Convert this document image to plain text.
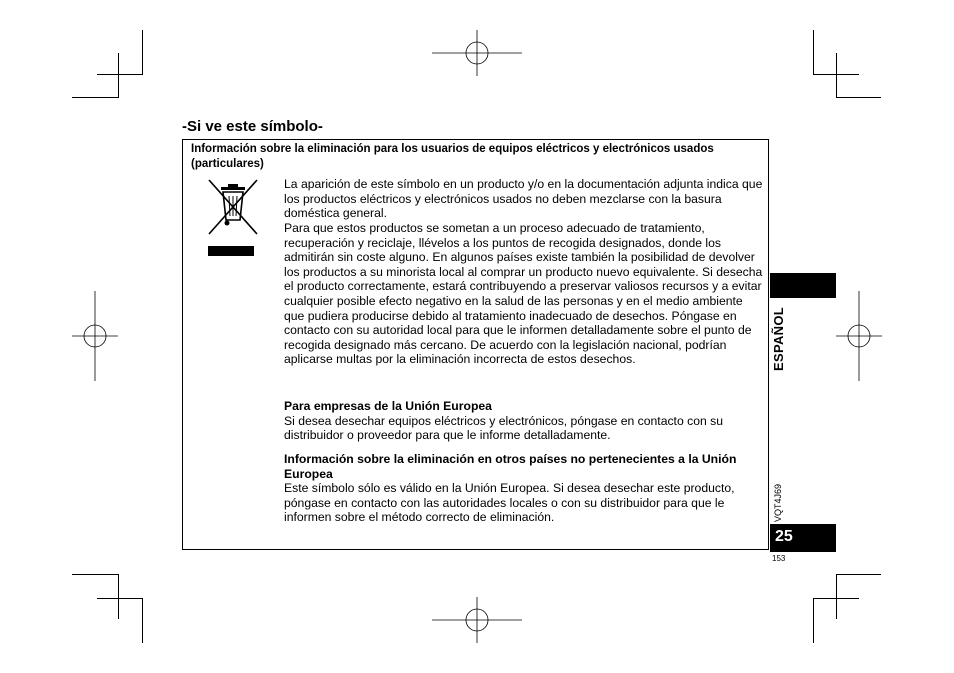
-Si ve este símbolo-
Información sobre la eliminación para los usuarios de equipos eléctricos y electrónicos usados (particulares)

La aparición de este símbolo en un producto y/o en la documentación adjunta indica que los productos eléctricos y electrónicos usados no deben mezclarse con la basura doméstica general.

Para que estos productos se sometan a un proceso adecuado de tratamiento, recuperación y reciclaje, llévelos a los puntos de recogida designados, donde los admitirán sin coste alguno. En algunos países existe también la posibilidad de devolver los productos a su minorista local al comprar un producto nuevo equivalente. Si desecha el producto correctamente, estará contribuyendo a preservar valiosos recursos y a evitar cualquier posible efecto negativo en la salud de las personas y en el medio ambiente que pudiera producirse debido al tratamiento inadecuado de desechos. Póngase en contacto con su autoridad local para que le informen detalladamente sobre el punto de recogida designado más cercano. De acuerdo con la legislación nacional, podrían aplicarse multas por la eliminación incorrecta de estos desechos.

Para empresas de la Unión Europea

Si desea desechar equipos eléctricos y electrónicos, póngase en contacto con su distribuidor o proveedor para que le informe detalladamente.

Información sobre la eliminación en otros países no pertenecientes a la Unión Europea

Este símbolo sólo es válido en la Unión Europea. Si desea desechar este producto, póngase en contacto con las autoridades locales o con su distribuidor para que le informen sobre el método correcto de eliminación.

ESPAÑOL
VQT4J69
25
153
